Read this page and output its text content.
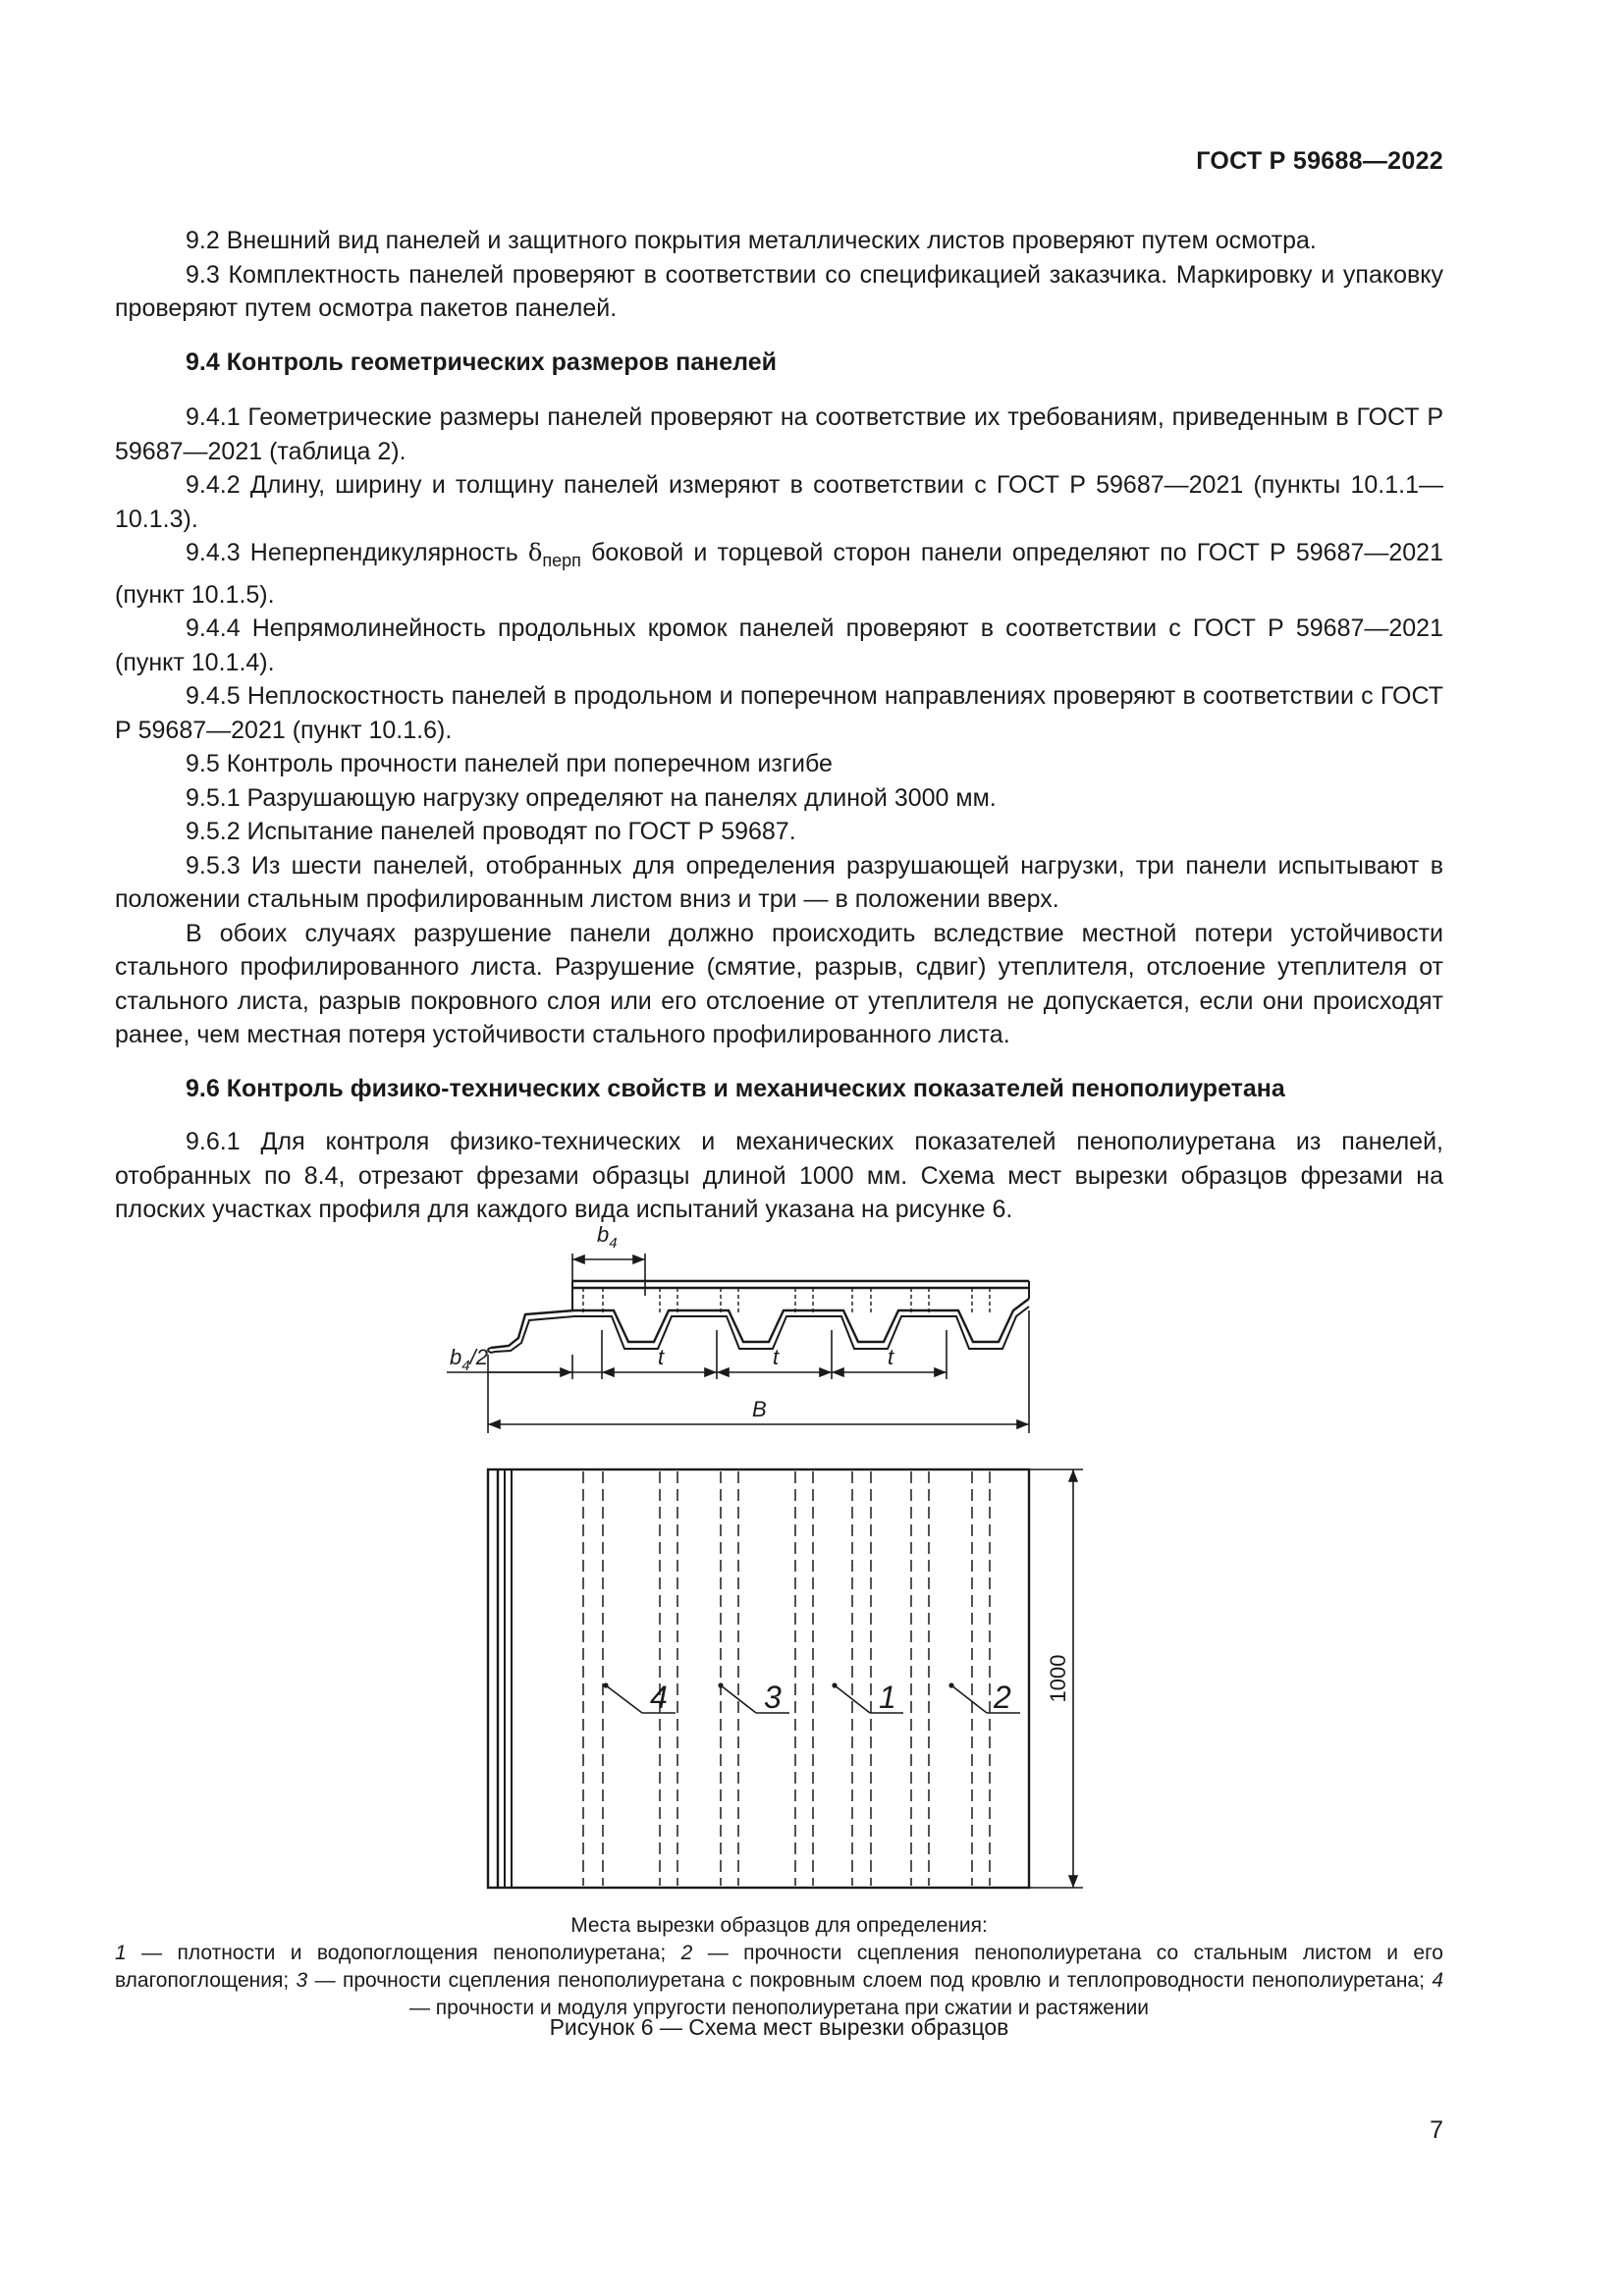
ГОСТ Р 59688—2022

9.2 Внешний вид панелей и защитного покрытия металлических листов проверяют путем осмотра.

9.3 Комплектность панелей проверяют в соответствии со спецификацией заказчика. Маркировку и упаковку проверяют путем осмотра пакетов панелей.

9.4 Контроль геометрических размеров панелей

9.4.1 Геометрические размеры панелей проверяют на соответствие их требованиям, приведенным в ГОСТ Р 59687—2021 (таблица 2).

9.4.2 Длину, ширину и толщину панелей измеряют в соответствии с ГОСТ Р 59687—2021 (пункты 10.1.1—10.1.3).

9.4.3 Неперпендикулярность $\delta_{перп}$ боковой и торцевой сторон панели определяют по ГОСТ Р 59687—2021 (пункт 10.1.5).

9.4.4 Непрямолинейность продольных кромок панелей проверяют в соответствии с ГОСТ Р 59687—2021 (пункт 10.1.4).

9.4.5 Неплоскостность панелей в продольном и поперечном направлениях проверяют в соответствии с ГОСТ Р 59687—2021 (пункт 10.1.6).

9.5 Контроль прочности панелей при поперечном изгибе

9.5.1 Разрушающую нагрузку определяют на панелях длиной 3000 мм.

9.5.2 Испытание панелей проводят по ГОСТ Р 59687.

9.5.3 Из шести панелей, отобранных для определения разрушающей нагрузки, три панели испытывают в положении стальным профилированным листом вниз и три — в положении вверх.

В обоих случаях разрушение панели должно происходить вследствие местной потери устойчивости стального профилированного листа. Разрушение (смятие, разрыв, сдвиг) утеплителя, отслоение утеплителя от стального листа, разрыв покровного слоя или его отслоение от утеплителя не допускается, если они происходят ранее, чем местная потеря устойчивости стального профилированного листа.

9.6 Контроль физико-технических свойств и механических показателей пенополиуретана

9.6.1 Для контроля физико-технических и механических показателей пенополиуретана из панелей, отобранных по 8.4, отрезают фрезами образцы длиной 1000 мм. Схема мест вырезки образцов фрезами на плоских участках профиля для каждого вида испытаний указана на рисунке 6.

$b_4$
$b_4/2$	t	t	t
B
1000
4	3	1	2

Места вырезки образцов для определения:

1 — плотности и водопоглощения пенополиуретана; 2 — прочности сцепления пенополиуретана со стальным листом и его влагопоглощения; 3 — прочности сцепления пенополиуретана с покровным слоем под кровлю и теплопроводности пенополиуретана; 4 — прочности и модуля упругости пенополиуретана при сжатии и растяжении

Рисунок 6 — Схема мест вырезки образцов
7
